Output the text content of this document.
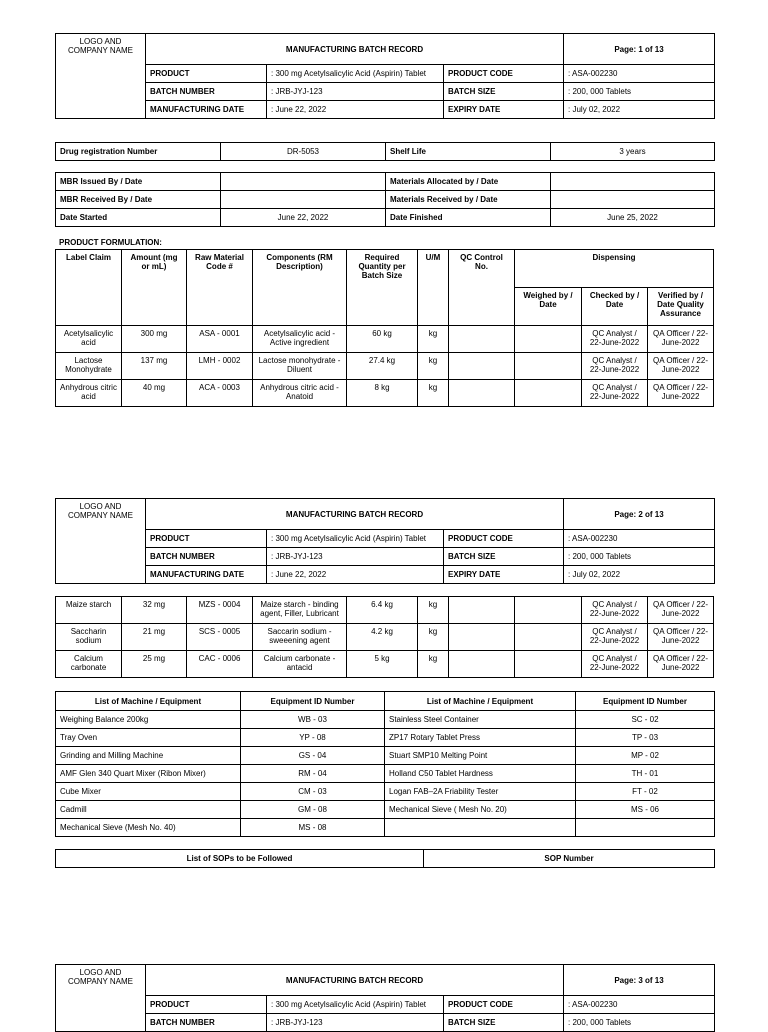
LOGO AND COMPANY NAME	MANUFACTURING BATCH RECORD			Page: 1 of 13
	PRODUCT	: 300 mg Acetylsalicylic Acid (Aspirin) Tablet	PRODUCT CODE	: ASA-002230
	BATCH NUMBER	: JRB-JYJ-123	BATCH SIZE	: 200, 000 Tablets
	MANUFACTURING DATE	: June 22, 2022	EXPIRY DATE	: July 02, 2022
Drug registration Number	DR-5053	Shelf Life	3 years
MBR Issued By / Date		Materials Allocated by / Date	
MBR Received By / Date		Materials Received by / Date	
Date Started	June 22, 2022	Date Finished	June 25, 2022
PRODUCT FORMULATION:
Label Claim	Amount (mg or mL)	Raw Material Code #	Components (RM Description)	Required Quantity per Batch Size	U/M	QC Control No.	Dispensing		
							Weighed by / Date	Checked by / Date	Verified by / Date Quality Assurance
Acetylsalicylic acid	300 mg	ASA - 0001	Acetylsalicylic acid - Active ingredient	60 kg	kg			QC Analyst / 22-June-2022	QA Officer / 22-June-2022
Lactose Monohydrate	137 mg	LMH - 0002	Lactose monohydrate - Diluent	27.4 kg	kg			QC Analyst / 22-June-2022	QA Officer / 22-June-2022
Anhydrous citric acid	40 mg	ACA - 0003	Anhydrous citric acid - Anatoid	8 kg	kg			QC Analyst / 22-June-2022	QA Officer / 22-June-2022
LOGO AND COMPANY NAME	MANUFACTURING BATCH RECORD			Page: 2 of 13
	PRODUCT	: 300 mg Acetylsalicylic Acid (Aspirin) Tablet	PRODUCT CODE	: ASA-002230
	BATCH NUMBER	: JRB-JYJ-123	BATCH SIZE	: 200, 000 Tablets
	MANUFACTURING DATE	: June 22, 2022	EXPIRY DATE	: July 02, 2022
Maize starch	32 mg	MZS - 0004	Maize starch - binding agent, Filler, Lubricant	6.4 kg	kg			QC Analyst / 22-June-2022	QA Officer / 22-June-2022
Saccharin sodium	21 mg	SCS - 0005	Saccarin sodium - sweeening agent	4.2 kg	kg			QC Analyst / 22-June-2022	QA Officer / 22-June-2022
Calcium carbonate	25 mg	CAC - 0006	Calcium carbonate - antacid	5 kg	kg			QC Analyst / 22-June-2022	QA Officer / 22-June-2022
List of Machine / Equipment	Equipment ID Number	List of Machine / Equipment	Equipment ID Number
Weighing Balance 200kg	WB - 03	Stainless Steel Container	SC - 02
Tray Oven	YP - 08	ZP17 Rotary Tablet Press	TP - 03
Grinding and Milling Machine	GS - 04	Stuart SMP10 Melting Point	MP - 02
AMF Glen 340 Quart Mixer (Ribon Mixer)	RM - 04	Holland C50 Tablet Hardness	TH - 01
Cube Mixer	CM - 03	Logan FAB–2A Friability Tester	FT - 02
Cadmill	GM - 08	Mechanical Sieve ( Mesh No. 20)	MS - 06
Mechanical Sieve (Mesh No. 40)	MS - 08		
List of SOPs to be Followed	SOP Number
LOGO AND COMPANY NAME	MANUFACTURING BATCH RECORD			Page: 3 of 13
	PRODUCT	: 300 mg Acetylsalicylic Acid (Aspirin) Tablet	PRODUCT CODE	: ASA-002230
	BATCH NUMBER	: JRB-JYJ-123	BATCH SIZE	: 200, 000 Tablets
